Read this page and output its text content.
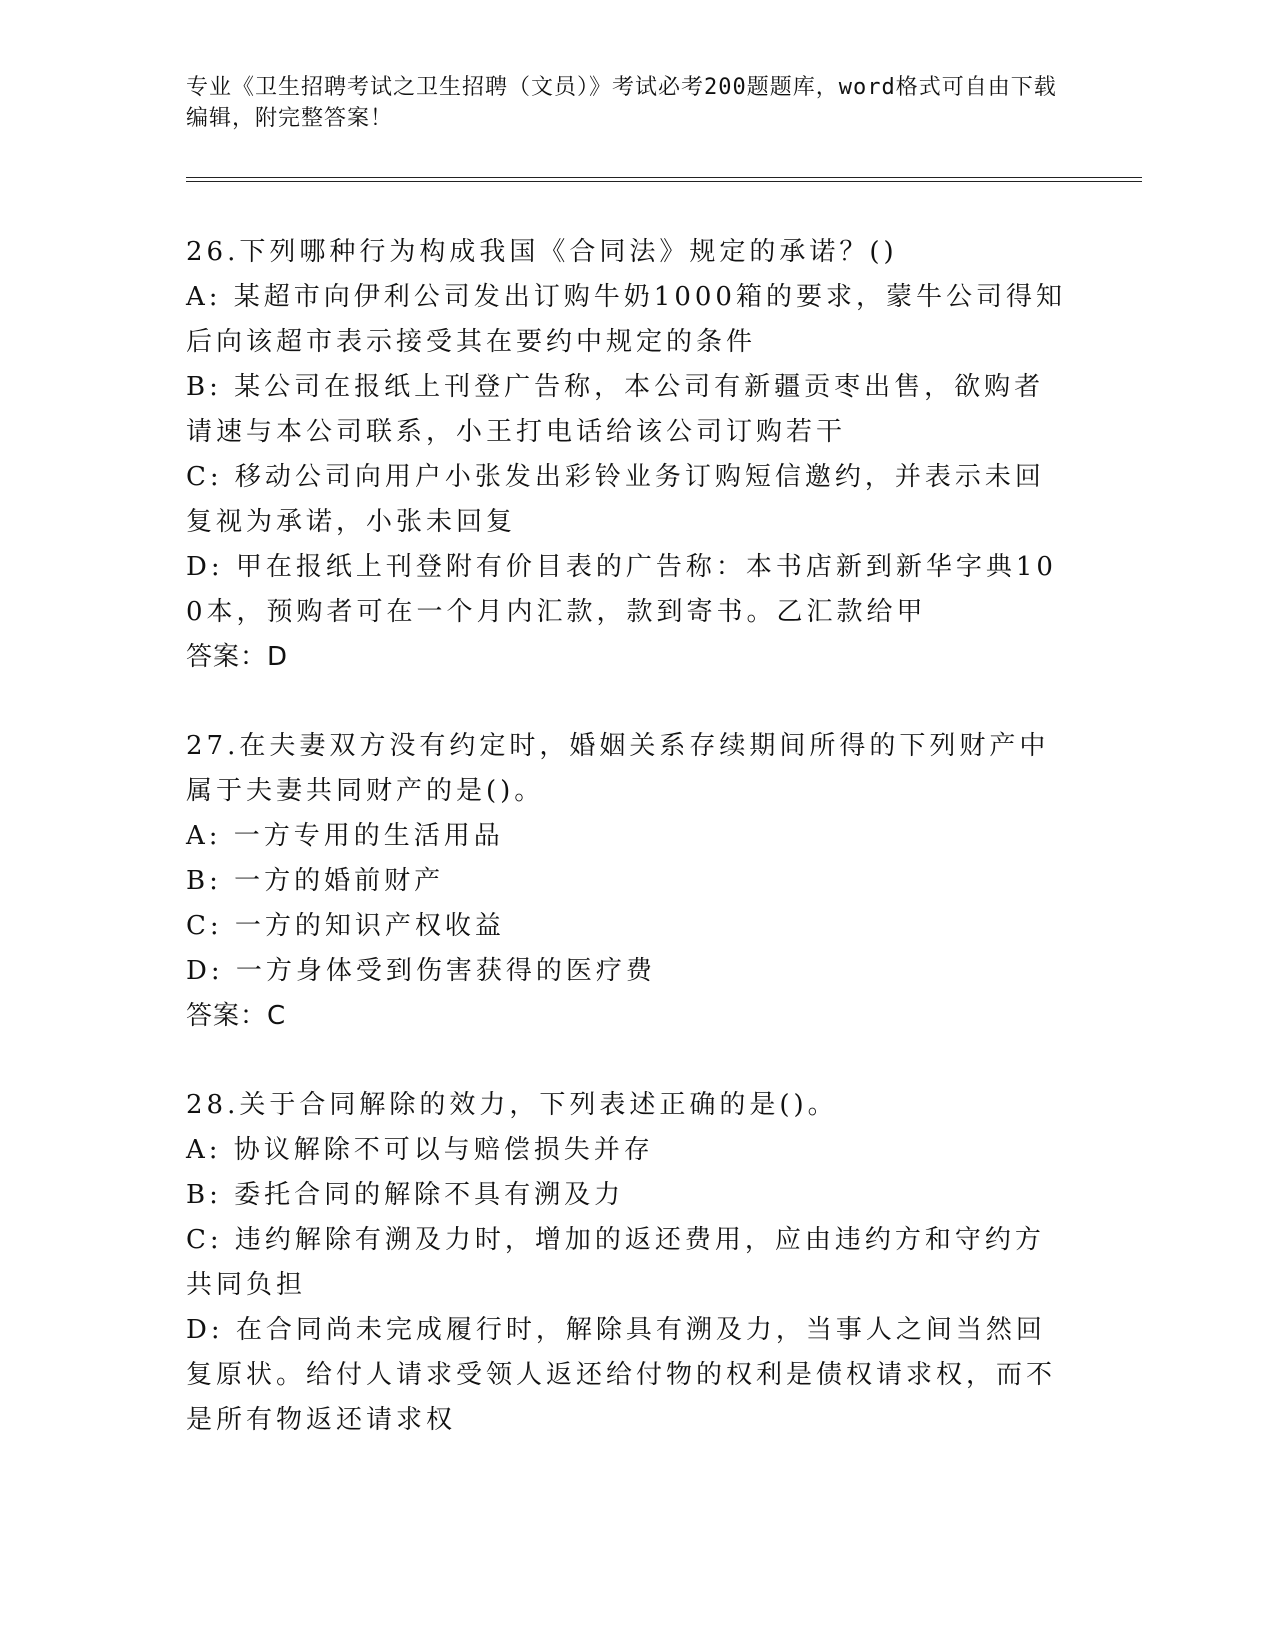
专业《卫生招聘考试之卫生招聘（文员）》考试必考200题题库，word格式可自由下载编辑，附完整答案！
26.下列哪种行为构成我国《合同法》规定的承诺？()
A: 某超市向伊利公司发出订购牛奶1000箱的要求，蒙牛公司得知后向该超市表示接受其在要约中规定的条件
B: 某公司在报纸上刊登广告称，本公司有新疆贡枣出售，欲购者请速与本公司联系，小王打电话给该公司订购若干
C: 移动公司向用户小张发出彩铃业务订购短信邀约，并表示未回复视为承诺，小张未回复
D: 甲在报纸上刊登附有价目表的广告称：本书店新到新华字典100本，预购者可在一个月内汇款，款到寄书。乙汇款给甲
答案：D
27.在夫妻双方没有约定时，婚姻关系存续期间所得的下列财产中属于夫妻共同财产的是()。
A: 一方专用的生活用品
B: 一方的婚前财产
C: 一方的知识产权收益
D: 一方身体受到伤害获得的医疗费
答案：C
28.关于合同解除的效力，下列表述正确的是()。
A: 协议解除不可以与赔偿损失并存
B: 委托合同的解除不具有溯及力
C: 违约解除有溯及力时，增加的返还费用，应由违约方和守约方共同负担
D: 在合同尚未完成履行时，解除具有溯及力，当事人之间当然回复原状。给付人请求受领人返还给付物的权利是债权请求权，而不是所有物返还请求权
